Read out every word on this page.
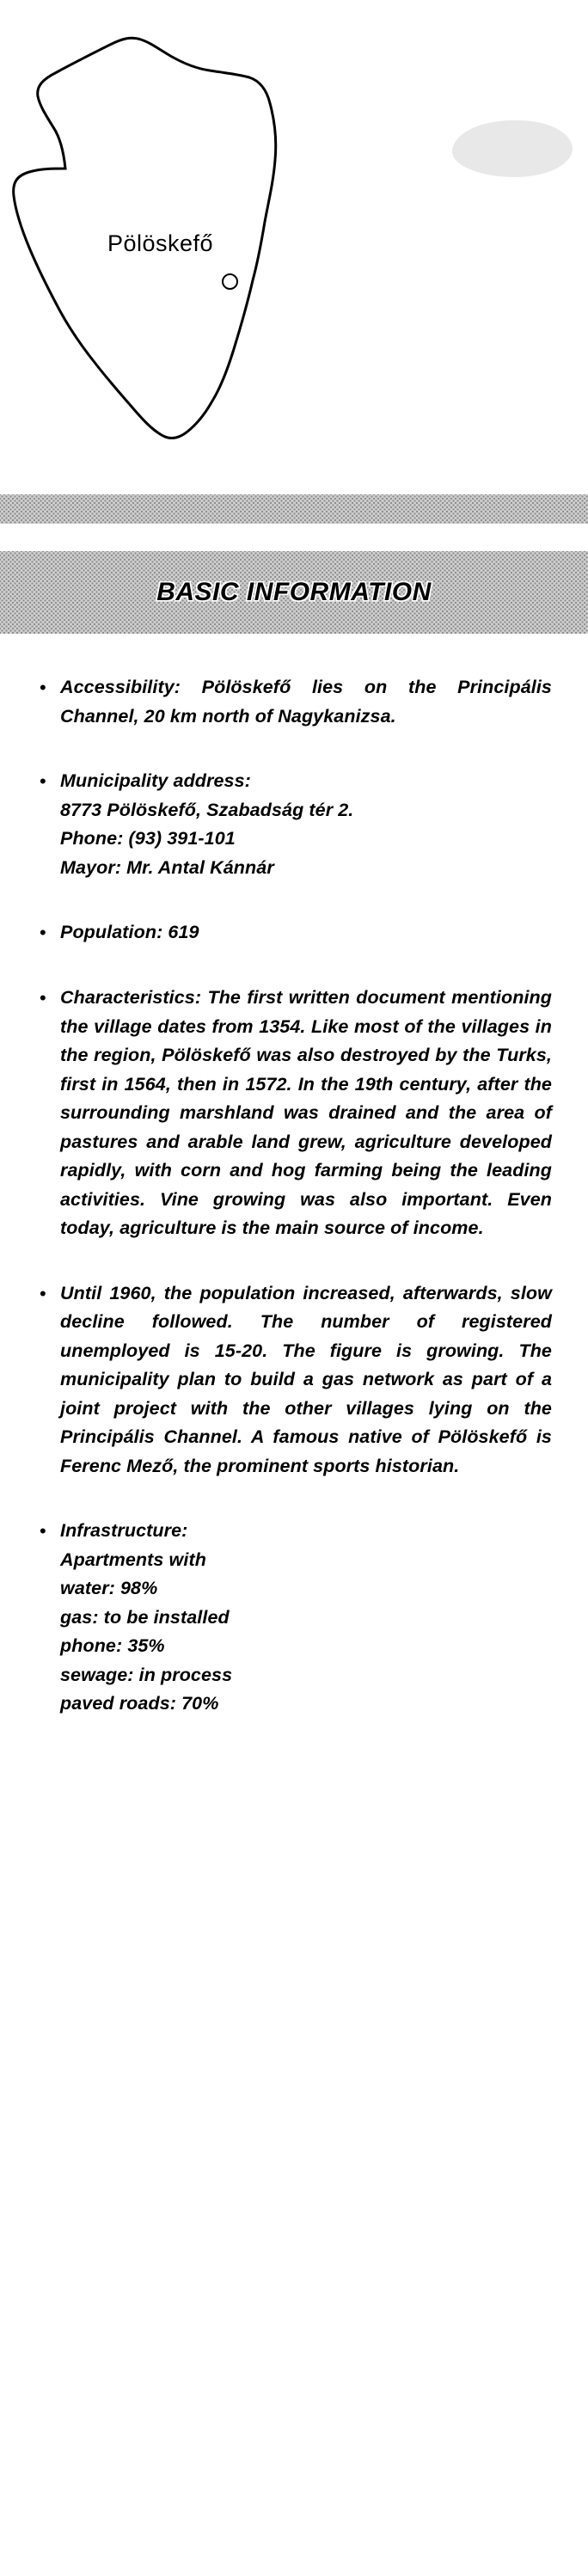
Pölöskefő
BASIC INFORMATION
• Accessibility: Pölöskefő lies on the Principális Channel, 20 km north of Nagykanizsa.
• Municipality address:
8773 Pölöskefő, Szabadság tér 2.
Phone: (93) 391-101
Mayor: Mr. Antal Kánnár
• Population: 619
• Characteristics: The first written document mentioning the village dates from 1354. Like most of the villages in the region, Pölöskefő was also destroyed by the Turks, first in 1564, then in 1572. In the 19th century, after the surrounding marshland was drained and the area of pastures and arable land grew, agriculture developed rapidly, with corn and hog farming being the leading activities. Vine growing was also important. Even today, agriculture is the main source of income.
• Until 1960, the population increased, afterwards, slow decline followed. The number of registered unemployed is 15-20. The figure is growing. The municipality plan to build a gas network as part of a joint project with the other villages lying on the Principális Channel. A famous native of Pölöskefő is Ferenc Mező, the prominent sports historian.
• Infrastructure:
Apartments with
water: 98%
gas: to be installed
phone: 35%
sewage: in process
paved roads: 70%
